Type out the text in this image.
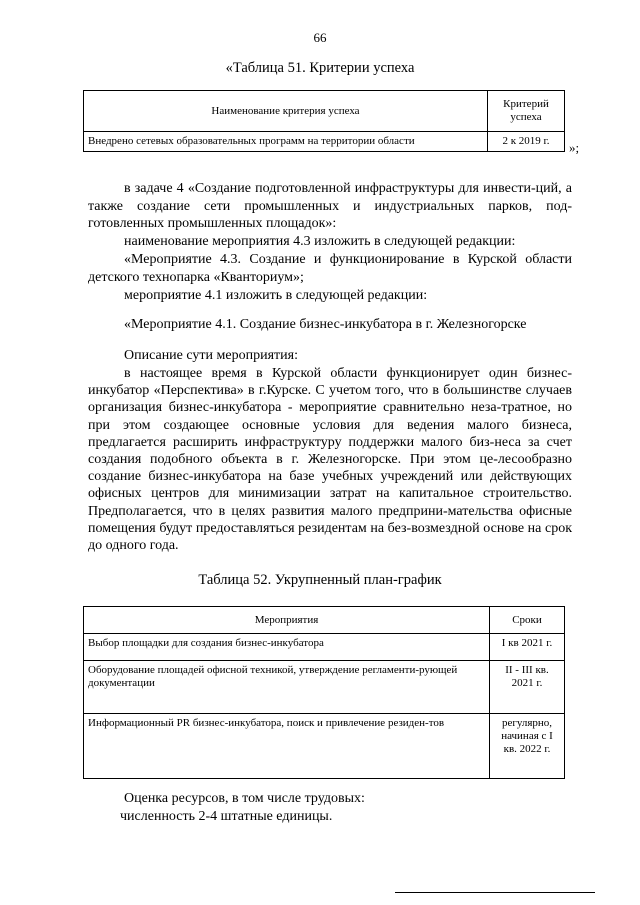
66
«Таблица 51. Критерии успеха
Наименование критерия успеха	Критерий успеха
Внедрено сетевых образовательных программ на территории области	2 к 2019 г. »;
в задаче 4 «Создание подготовленной инфраструктуры для инвести-ций, а также создание сети промышленных и индустриальных парков, под-готовленных промышленных площадок»:
наименование мероприятия 4.3 изложить в следующей редакции:
«Мероприятие 4.3. Создание и функционирование в Курской области детского технопарка «Кванториум»;
мероприятие 4.1 изложить в следующей редакции:
«Мероприятие 4.1. Создание бизнес-инкубатора в г. Железногорске
Описание сути мероприятия:
в настоящее время в Курской области функционирует один бизнес-инкубатор «Перспектива» в г.Курске. С учетом того, что в большинстве случаев организация бизнес-инкубатора - мероприятие сравнительно неза-тратное, но при этом создающее основные условия для ведения малого бизнеса, предлагается расширить инфраструктуру поддержки малого биз-неса за счет создания подобного объекта в г. Железногорске. При этом це-лесообразно создание бизнес-инкубатора на базе учебных учреждений или действующих офисных центров для минимизации затрат на капитальное строительство. Предполагается, что в целях развития малого предприни-мательства офисные помещения будут предоставляться резидентам на без-возмездной основе на срок до одного года.
Таблица 52. Укрупненный план-график
Мероприятия	Сроки
Выбор площадки для создания бизнес-инкубатора	I кв 2021 г.
Оборудование площадей офисной техникой, утверждение регламенти-рующей документации	II - III кв. 2021 г.
Информационный PR бизнес-инкубатора, поиск и привлечение резиден-тов	регулярно, начиная с I кв. 2022 г.
Оценка ресурсов, в том числе трудовых:
численность 2-4 штатные единицы.
